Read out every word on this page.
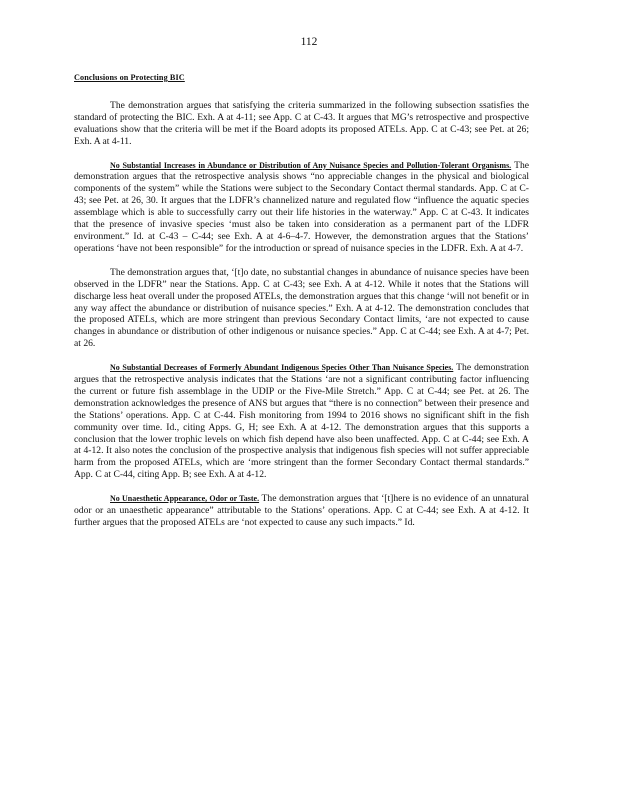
112
Conclusions on Protecting BIC

The demonstration argues that satisfying the criteria summarized in the following subsection ssatisfies the standard of protecting the BIC. Exh. A at 4-11; see App. C at C-43. It argues that MG’s retrospective and prospective evaluations show that the criteria will be met if the Board adopts its proposed ATELs. App. C at C-43; see Pet. at 26; Exh. A at 4-11.

No Substantial Increases in Abundance or Distribution of Any Nuisance Species and Pollution-Tolerant Organisms. The demonstration argues that the retrospective analysis shows “no appreciable changes in the physical and biological components of the system” while the Stations were subject to the Secondary Contact thermal standards. App. C at C-43; see Pet. at 26, 30. It argues that the LDFR’s channelized nature and regulated flow “influence the aquatic species assemblage which is able to successfully carry out their life histories in the waterway.” App. C at C-43. It indicates that the presence of invasive species ‘must also be taken into consideration as a permanent part of the LDFR environment.” Id. at C-43 – C-44; see Exh. A at 4-6–4-7. However, the demonstration argues that the Stations’ operations ‘have not been responsible” for the introduction or spread of nuisance species in the LDFR. Exh. A at 4-7.

The demonstration argues that, ‘[t]o date, no substantial changes in abundance of nuisance species have been observed in the LDFR” near the Stations. App. C at C-43; see Exh. A at 4-12. While it notes that the Stations will discharge less heat overall under the proposed ATELs, the demonstration argues that this change ‘will not benefit or in any way affect the abundance or distribution of nuisance species.” Exh. A at 4-12. The demonstration concludes that the proposed ATELs, which are more stringent than previous Secondary Contact limits, ‘are not expected to cause changes in abundance or distribution of other indigenous or nuisance species.” App. C at C-44; see Exh. A at 4-7; Pet. at 26.

No Substantial Decreases of Formerly Abundant Indigenous Species Other Than Nuisance Species. The demonstration argues that the retrospective analysis indicates that the Stations ‘are not a significant contributing factor influencing the current or future fish assemblage in the UDIP or the Five-Mile Stretch.” App. C at C-44; see Pet. at 26. The demonstration acknowledges the presence of ANS but argues that “there is no connection” between their presence and the Stations’ operations. App. C at C-44. Fish monitoring from 1994 to 2016 shows no significant shift in the fish community over time. Id., citing Apps. G, H; see Exh. A at 4-12. The demonstration argues that this supports a conclusion that the lower trophic levels on which fish depend have also been unaffected. App. C at C-44; see Exh. A at 4-12. It also notes the conclusion of the prospective analysis that indigenous fish species will not suffer appreciable harm from the proposed ATELs, which are ‘more stringent than the former Secondary Contact thermal standards.” App. C at C-44, citing App. B; see Exh. A at 4-12.

No Unaesthetic Appearance, Odor or Taste. The demonstration argues that ‘[t]here is no evidence of an unnatural odor or an unaesthetic appearance” attributable to the Stations’ operations. App. C at C-44; see Exh. A at 4-12. It further argues that the proposed ATELs are ‘not expected to cause any such impacts.” Id.
